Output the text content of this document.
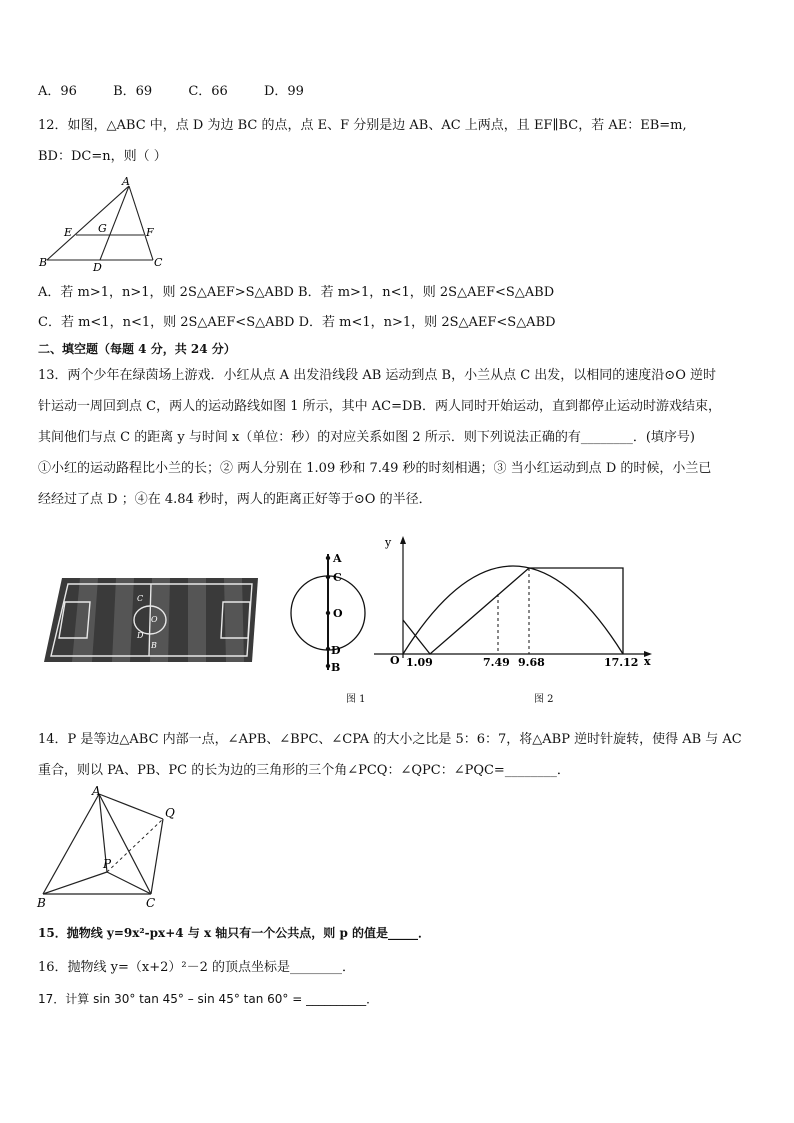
A．96	B．69	C．66	D．99
12．如图，△ABC 中，点 D 为边 BC 的点，点 E、F 分别是边 AB、AC 上两点，且 EF∥BC，若 AE：EB=m,
BD：DC=n，则（ ）
A
E G	F
B	D	C
A．若 m>1，n>1，则 2S△AEF>S△ABD B．若 m>1，n<1，则 2S△AEF<S△ABD
C．若 m<1，n<1，则 2S△AEF<S△ABD D．若 m<1，n>1，则 2S△AEF<S△ABD
二、填空题（每题 4 分，共 24 分）
13．两个少年在绿茵场上游戏．小红从点 A 出发沿线段 AB 运动到点 B，小兰从点 C 出发，以相同的速度沿⊙O 逆时
针运动一周回到点 C，两人的运动路线如图 1 所示，其中 AC=DB．两人同时开始运动，直到都停止运动时游戏结束，
其间他们与点 C 的距离 y 与时间 x（单位：秒）的对应关系如图 2 所示．则下列说法正确的有________．(填序号)
①小红的运动路程比小兰的长；② 两人分别在 1.09 秒和 7.49 秒的时刻相遇；③ 当小红运动到点 D 的时候，小兰已
经经过了点 D ；④在 4.84 秒时，两人的距离正好等于⊙O 的半径．
C
O
D
B
A
C
O
D
B
图 1
y
x
O 1.09	7.49 9.68	17.12
图 2
14．P 是等边△ABC 内部一点，∠APB、∠BPC、∠CPA 的大小之比是 5：6：7，将△ABP 逆时针旋转，使得 AB 与 AC
重合，则以 PA、PB、PC 的长为边的三角形的三个角∠PCQ：∠QPC：∠PQC=________．
A
Q
P
B	C
15．抛物线 y=9x²-px+4 与 x 轴只有一个公共点，则 p 的值是_____．
16．抛物线 y=（x+2）²－2 的顶点坐标是________．
17．计算 sin 30° tan 45° – sin 45° tan 60° = __________．
